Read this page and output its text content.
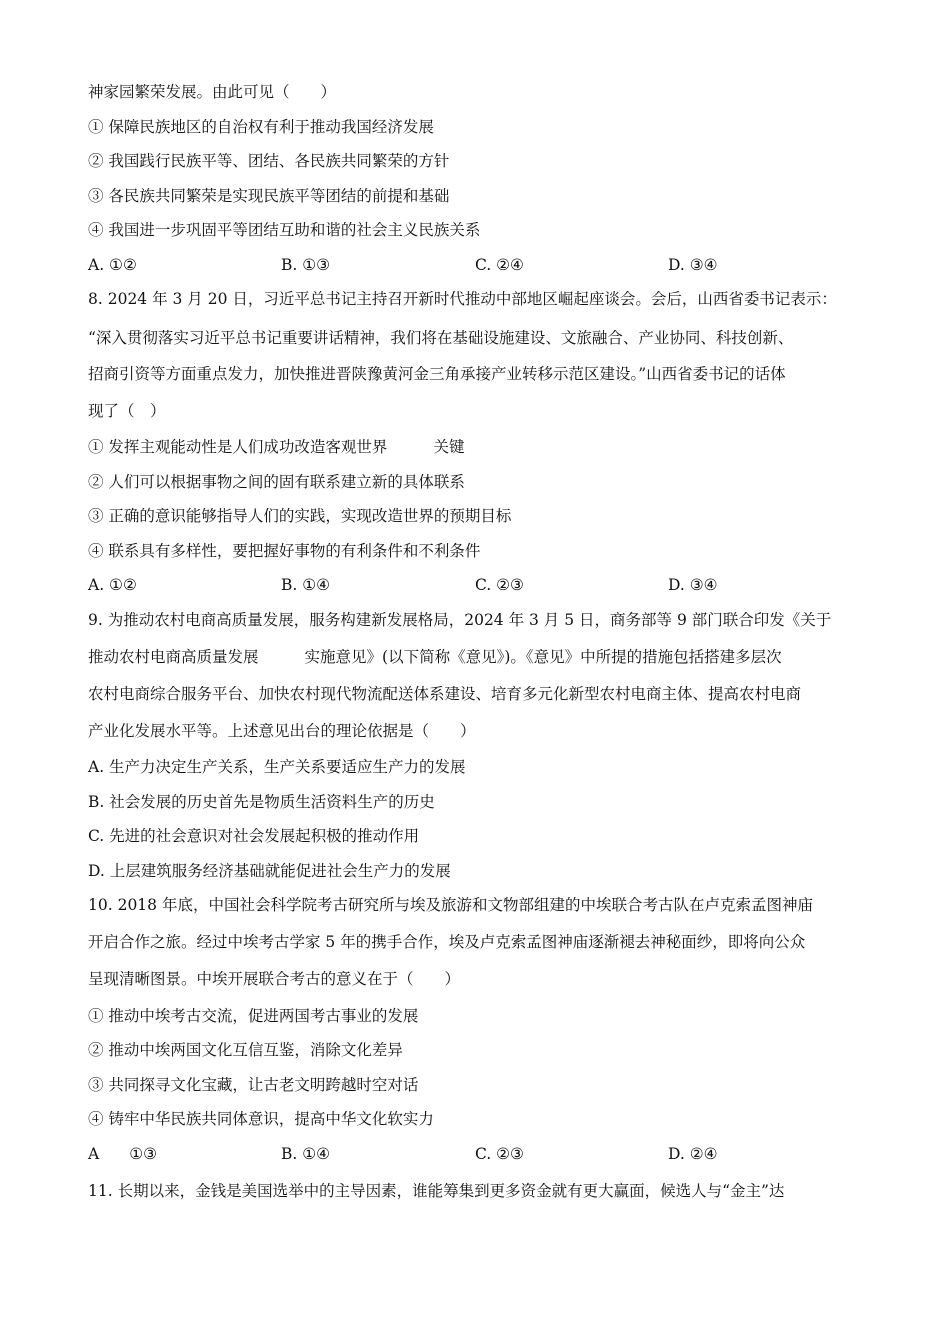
神家园繁荣发展。由此可见（　　）
① 保障民族地区的自治权有利于推动我国经济发展
② 我国践行民族平等、团结、各民族共同繁荣的方针
③ 各民族共同繁荣是实现民族平等团结的前提和基础
④ 我国进一步巩固平等团结互助和谐的社会主义民族关系
A. ①②	B. ①③	C. ②④	D. ③④
8. 2024 年 3 月 20 日，习近平总书记主持召开新时代推动中部地区崛起座谈会。会后，山西省委书记表示：
“深入贯彻落实习近平总书记重要讲话精神，我们将在基础设施建设、文旅融合、产业协同、科技创新、
招商引资等方面重点发力，加快推进晋陕豫黄河金三角承接产业转移示范区建设。”山西省委书记的话体
现了（　）
① 发挥主观能动性是人们成功改造客观世界	关键
② 人们可以根据事物之间的固有联系建立新的具体联系
③ 正确的意识能够指导人们的实践，实现改造世界的预期目标
④ 联系具有多样性，要把握好事物的有利条件和不利条件
A. ①②	B. ①④	C. ②③	D. ③④
9. 为推动农村电商高质量发展，服务构建新发展格局，2024 年 3 月 5 日，商务部等 9 部门联合印发《关于
推动农村电商高质量发展	实施意见》(以下简称《意见》)。《意见》中所提的措施包括搭建多层次
农村电商综合服务平台、加快农村现代物流配送体系建设、培育多元化新型农村电商主体、提高农村电商
产业化发展水平等。上述意见出台的理论依据是（　　）
A. 生产力决定生产关系，生产关系要适应生产力的发展
B. 社会发展的历史首先是物质生活资料生产的历史
C. 先进的社会意识对社会发展起积极的推动作用
D. 上层建筑服务经济基础就能促进社会生产力的发展
10. 2018 年底，中国社会科学院考古研究所与埃及旅游和文物部组建的中埃联合考古队在卢克索孟图神庙
开启合作之旅。经过中埃考古学家 5 年的携手合作，埃及卢克索孟图神庙逐渐褪去神秘面纱，即将向公众
呈现清晰图景。中埃开展联合考古的意义在于（　　）
① 推动中埃考古交流，促进两国考古事业的发展
② 推动中埃两国文化互信互鉴，消除文化差异
③ 共同探寻文化宝藏，让古老文明跨越时空对话
④ 铸牢中华民族共同体意识，提高中华文化软实力
A ①③	B. ①④	C. ②③	D. ②④
11. 长期以来，金钱是美国选举中的主导因素，谁能筹集到更多资金就有更大赢面，候选人与“金主”达
